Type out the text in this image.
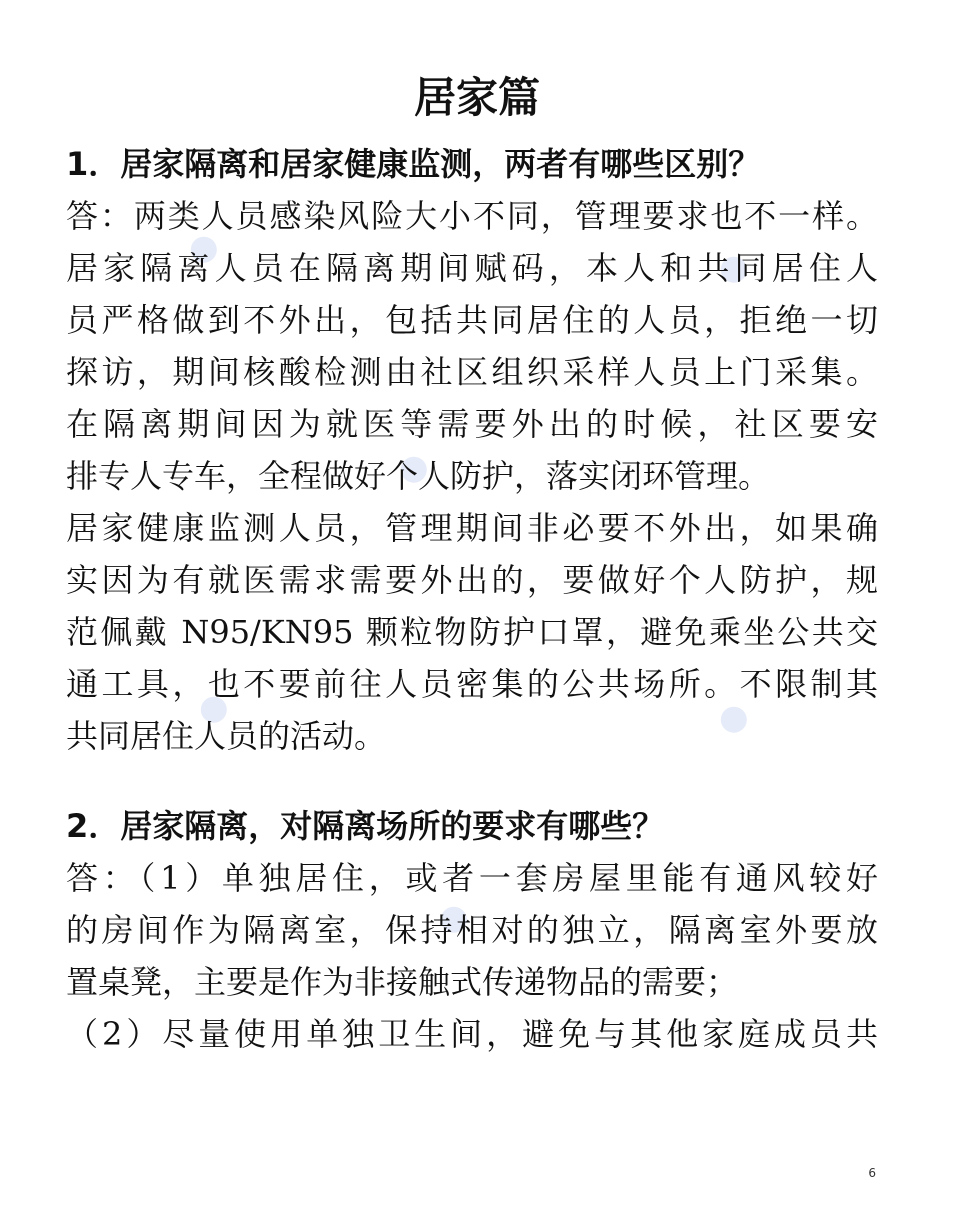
居家篇
1．居家隔离和居家健康监测，两者有哪些区别？
答：两类人员感染风险大小不同，管理要求也不一样。
居家隔离人员在隔离期间赋码，本人和共同居住人
员严格做到不外出，包括共同居住的人员，拒绝一切
探访，期间核酸检测由社区组织采样人员上门采集。
在隔离期间因为就医等需要外出的时候，社区要安
排专人专车，全程做好个人防护，落实闭环管理。
居家健康监测人员，管理期间非必要不外出，如果确
实因为有就医需求需要外出的，要做好个人防护，规
范佩戴 N95/KN95 颗粒物防护口罩，避免乘坐公共交
通工具，也不要前往人员密集的公共场所。不限制其
共同居住人员的活动。
2．居家隔离，对隔离场所的要求有哪些？
答：（1）单独居住，或者一套房屋里能有通风较好
的房间作为隔离室，保持相对的独立，隔离室外要放
置桌凳，主要是作为非接触式传递物品的需要；
（2）尽量使用单独卫生间，避免与其他家庭成员共
6
